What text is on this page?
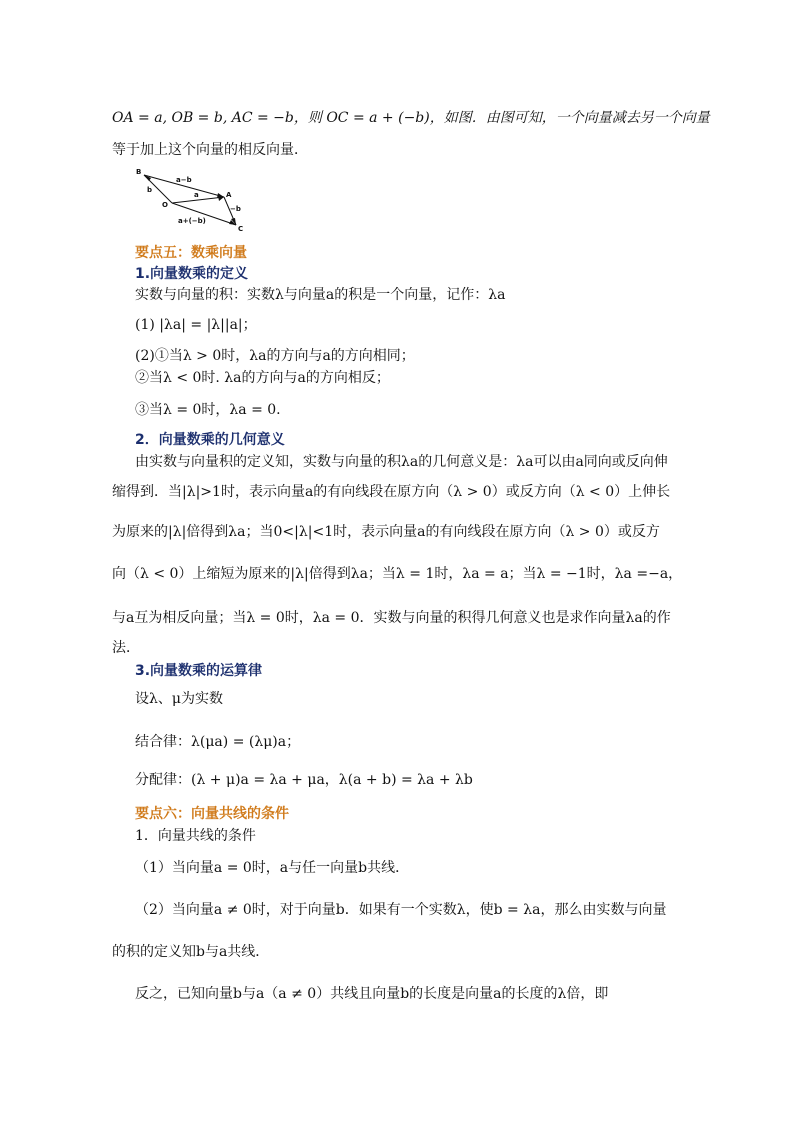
OA = a, OB = b, AC = −b，则 OC = a + (−b)，如图．由图可知，一个向量减去另一个向量
等于加上这个向量的相反向量．
B
b
a−b
O
a	A
−b
a+(−b)
C
要点五：数乘向量
1.向量数乘的定义
实数与向量的积：实数λ与向量a的积是一个向量，记作：λa
(1) |λa| = |λ||a|；
(2)①当λ > 0时，λa的方向与a的方向相同；
②当λ < 0时. λa的方向与a的方向相反；
③当λ = 0时，λa = 0.
2．向量数乘的几何意义
由实数与向量积的定义知，实数与向量的积λa的几何意义是：λa可以由a同向或反向伸
缩得到．当|λ|>1时，表示向量a的有向线段在原方向（λ > 0）或反方向（λ < 0）上伸长
为原来的|λ|倍得到λa；当0<|λ|<1时，表示向量a的有向线段在原方向（λ > 0）或反方
向（λ < 0）上缩短为原来的|λ|倍得到λa；当λ = 1时，λa = a；当λ = −1时，λa =−a，
与a互为相反向量；当λ = 0时，λa = 0．实数与向量的积得几何意义也是求作向量λa的作
法．
3.向量数乘的运算律
设λ、μ为实数
结合律：λ(μa) = (λμ)a；
分配律：(λ + μ)a = λa + μa，λ(a + b) = λa + λb
要点六：向量共线的条件
1．向量共线的条件
（1）当向量a = 0时，a与任一向量b共线．
（2）当向量a ≠ 0时，对于向量b．如果有一个实数λ，使b = λa，那么由实数与向量
的积的定义知b与a共线．
反之，已知向量b与a（a ≠ 0）共线且向量b的长度是向量a的长度的λ倍，即
